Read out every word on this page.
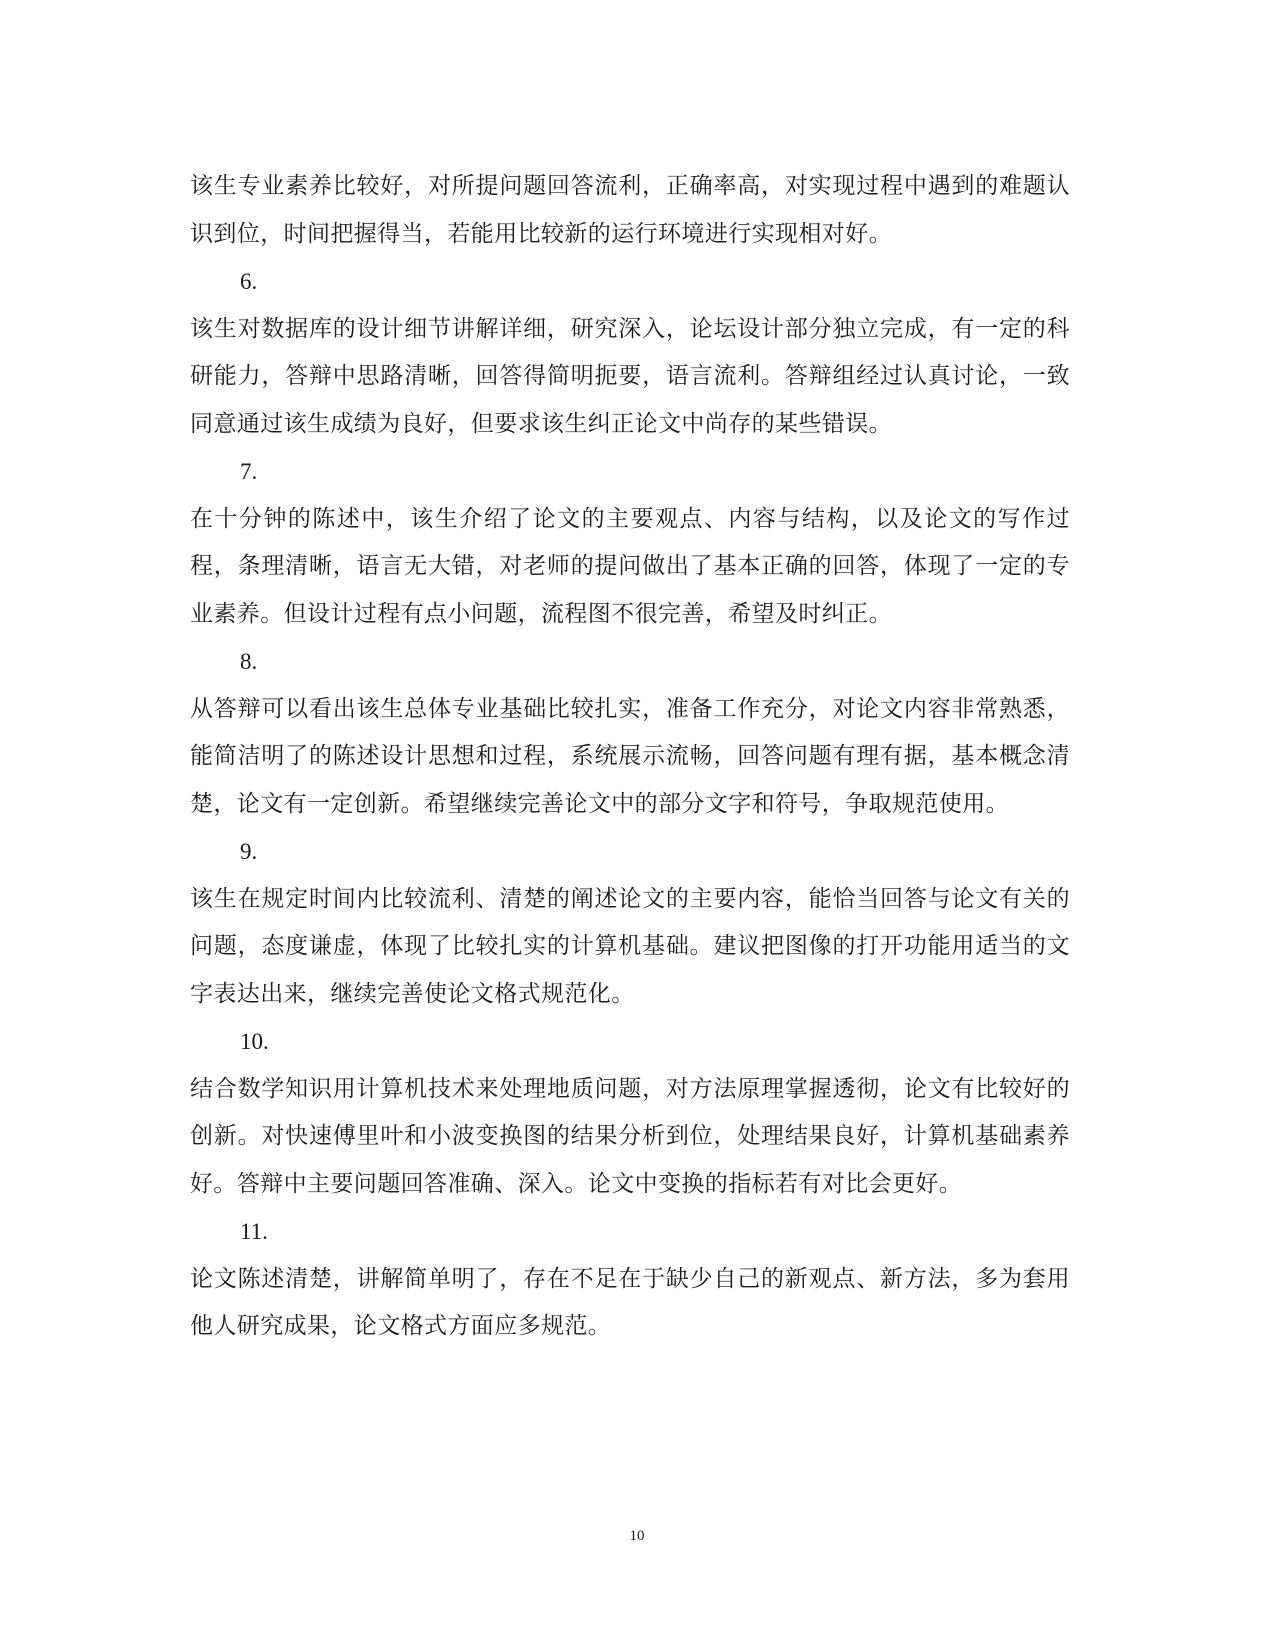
该生专业素养比较好，对所提问题回答流利，正确率高，对实现过程中遇到的难题认识到位，时间把握得当，若能用比较新的运行环境进行实现相对好。

6.

该生对数据库的设计细节讲解详细，研究深入，论坛设计部分独立完成，有一定的科研能力，答辩中思路清晰，回答得简明扼要，语言流利。答辩组经过认真讨论，一致同意通过该生成绩为良好，但要求该生纠正论文中尚存的某些错误。

7.

在十分钟的陈述中，该生介绍了论文的主要观点、内容与结构，以及论文的写作过程，条理清晰，语言无大错，对老师的提问做出了基本正确的回答，体现了一定的专业素养。但设计过程有点小问题，流程图不很完善，希望及时纠正。

8.

从答辩可以看出该生总体专业基础比较扎实，准备工作充分，对论文内容非常熟悉，能简洁明了的陈述设计思想和过程，系统展示流畅，回答问题有理有据，基本概念清楚，论文有一定创新。希望继续完善论文中的部分文字和符号，争取规范使用。

9.

该生在规定时间内比较流利、清楚的阐述论文的主要内容，能恰当回答与论文有关的问题，态度谦虚，体现了比较扎实的计算机基础。建议把图像的打开功能用适当的文字表达出来，继续完善使论文格式规范化。

10.

结合数学知识用计算机技术来处理地质问题，对方法原理掌握透彻，论文有比较好的创新。对快速傅里叶和小波变换图的结果分析到位，处理结果良好，计算机基础素养好。答辩中主要问题回答准确、深入。论文中变换的指标若有对比会更好。

11.

论文陈述清楚，讲解简单明了，存在不足在于缺少自己的新观点、新方法，多为套用他人研究成果，论文格式方面应多规范。

10
